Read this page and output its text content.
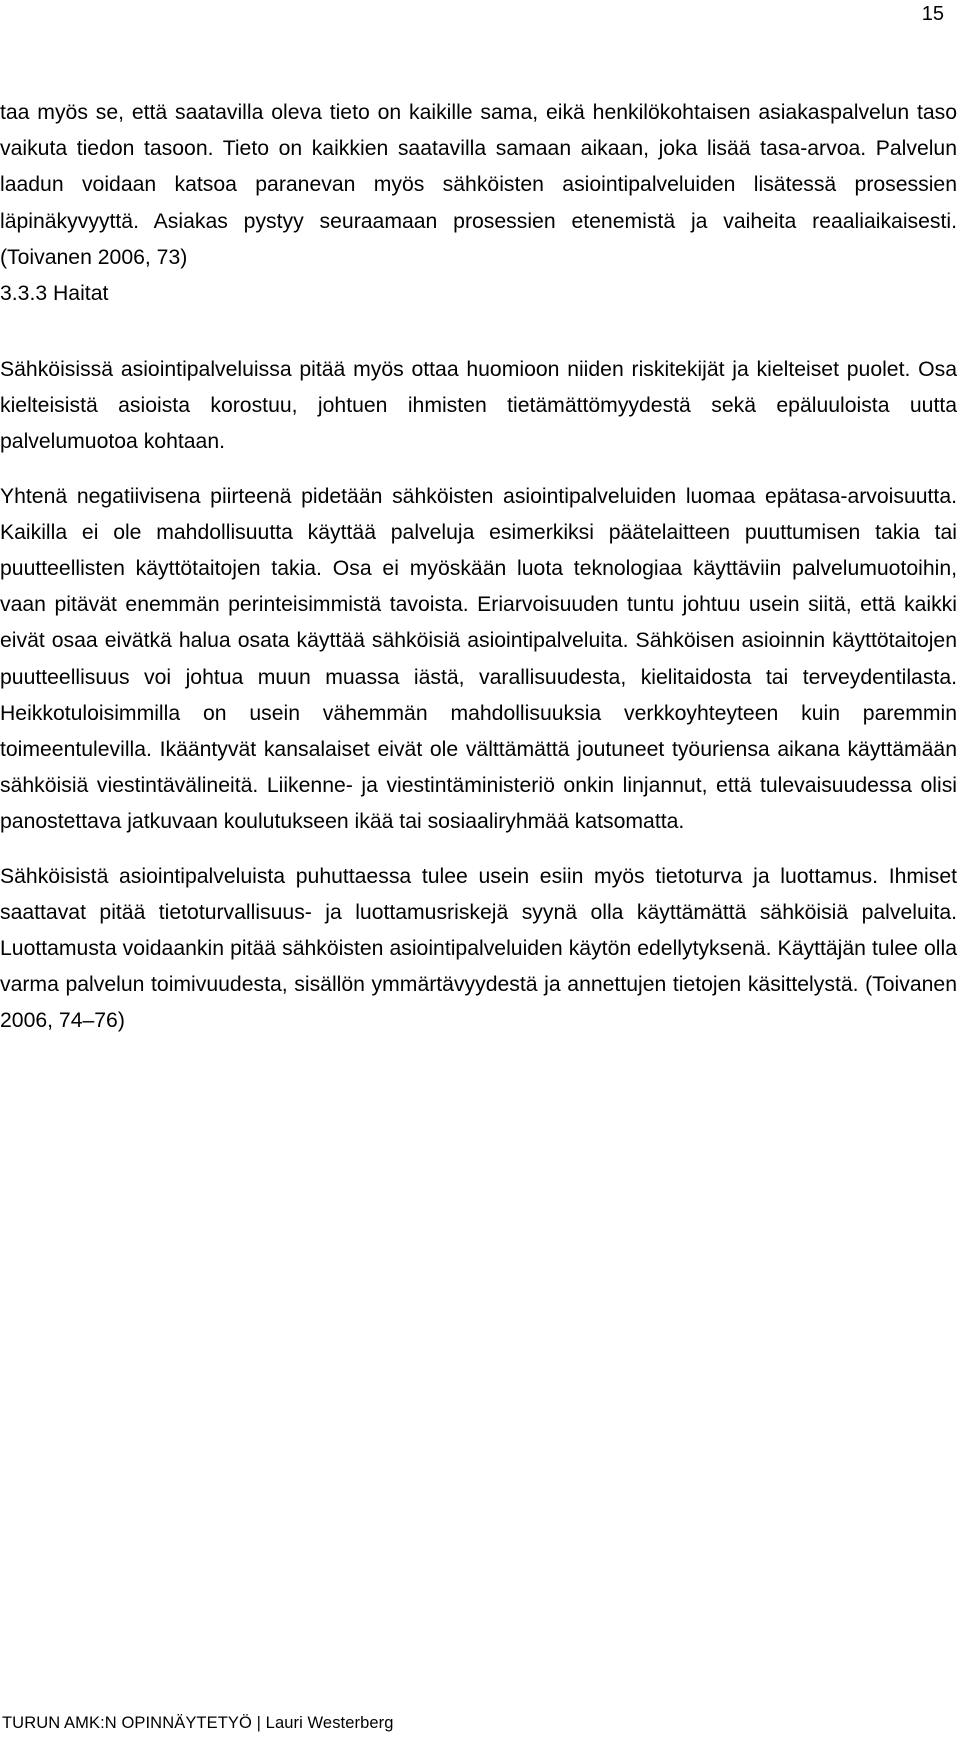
15

taa myös se, että saatavilla oleva tieto on kaikille sama, eikä henkilökohtaisen asiakaspalvelun taso vaikuta tiedon tasoon. Tieto on kaikkien saatavilla samaan aikaan, joka lisää tasa-arvoa. Palvelun laadun voidaan katsoa paranevan myös sähköisten asiointipalveluiden lisätessä prosessien läpinäkyvyyttä. Asiakas pystyy seuraamaan prosessien etenemistä ja vaiheita reaaliaikaisesti. (Toivanen 2006, 73)

3.3.3 Haitat

Sähköisissä asiointipalveluissa pitää myös ottaa huomioon niiden riskitekijät ja kielteiset puolet. Osa kielteisistä asioista korostuu, johtuen ihmisten tietämättömyydestä sekä epäluuloista uutta palvelumuotoa kohtaan.

Yhtenä negatiivisena piirteenä pidetään sähköisten asiointipalveluiden luomaa epätasa-arvoisuutta. Kaikilla ei ole mahdollisuutta käyttää palveluja esimerkiksi päätelaitteen puuttumisen takia tai puutteellisten käyttötaitojen takia. Osa ei myöskään luota teknologiaa käyttäviin palvelumuotoihin, vaan pitävät enemmän perinteisimmistä tavoista. Eriarvoisuuden tuntu johtuu usein siitä, että kaikki eivät osaa eivätkä halua osata käyttää sähköisiä asiointipalveluita. Sähköisen asioinnin käyttötaitojen puutteellisuus voi johtua muun muassa iästä, varallisuudesta, kielitaidosta tai terveydentilasta. Heikkotuloisimmilla on usein vähemmän mahdollisuuksia verkkoyhteyteen kuin paremmin toimeentulevilla. Ikääntyvät kansalaiset eivät ole välttämättä joutuneet työuriensa aikana käyttämään sähköisiä viestintävälineitä. Liikenne- ja viestintäministeriö onkin linjannut, että tulevaisuudessa olisi panostettava jatkuvaan koulutukseen ikää tai sosiaaliryhmää katsomatta.

Sähköisistä asiointipalveluista puhuttaessa tulee usein esiin myös tietoturva ja luottamus. Ihmiset saattavat pitää tietoturvallisuus- ja luottamusriskejä syynä olla käyttämättä sähköisiä palveluita. Luottamusta voidaankin pitää sähköisten asiointipalveluiden käytön edellytyksenä. Käyttäjän tulee olla varma palvelun toimivuudesta, sisällön ymmärtävyydestä ja annettujen tietojen käsittelystä. (Toivanen 2006, 74–76)

TURUN AMK:N OPINNÄYTETYÖ | Lauri Westerberg
